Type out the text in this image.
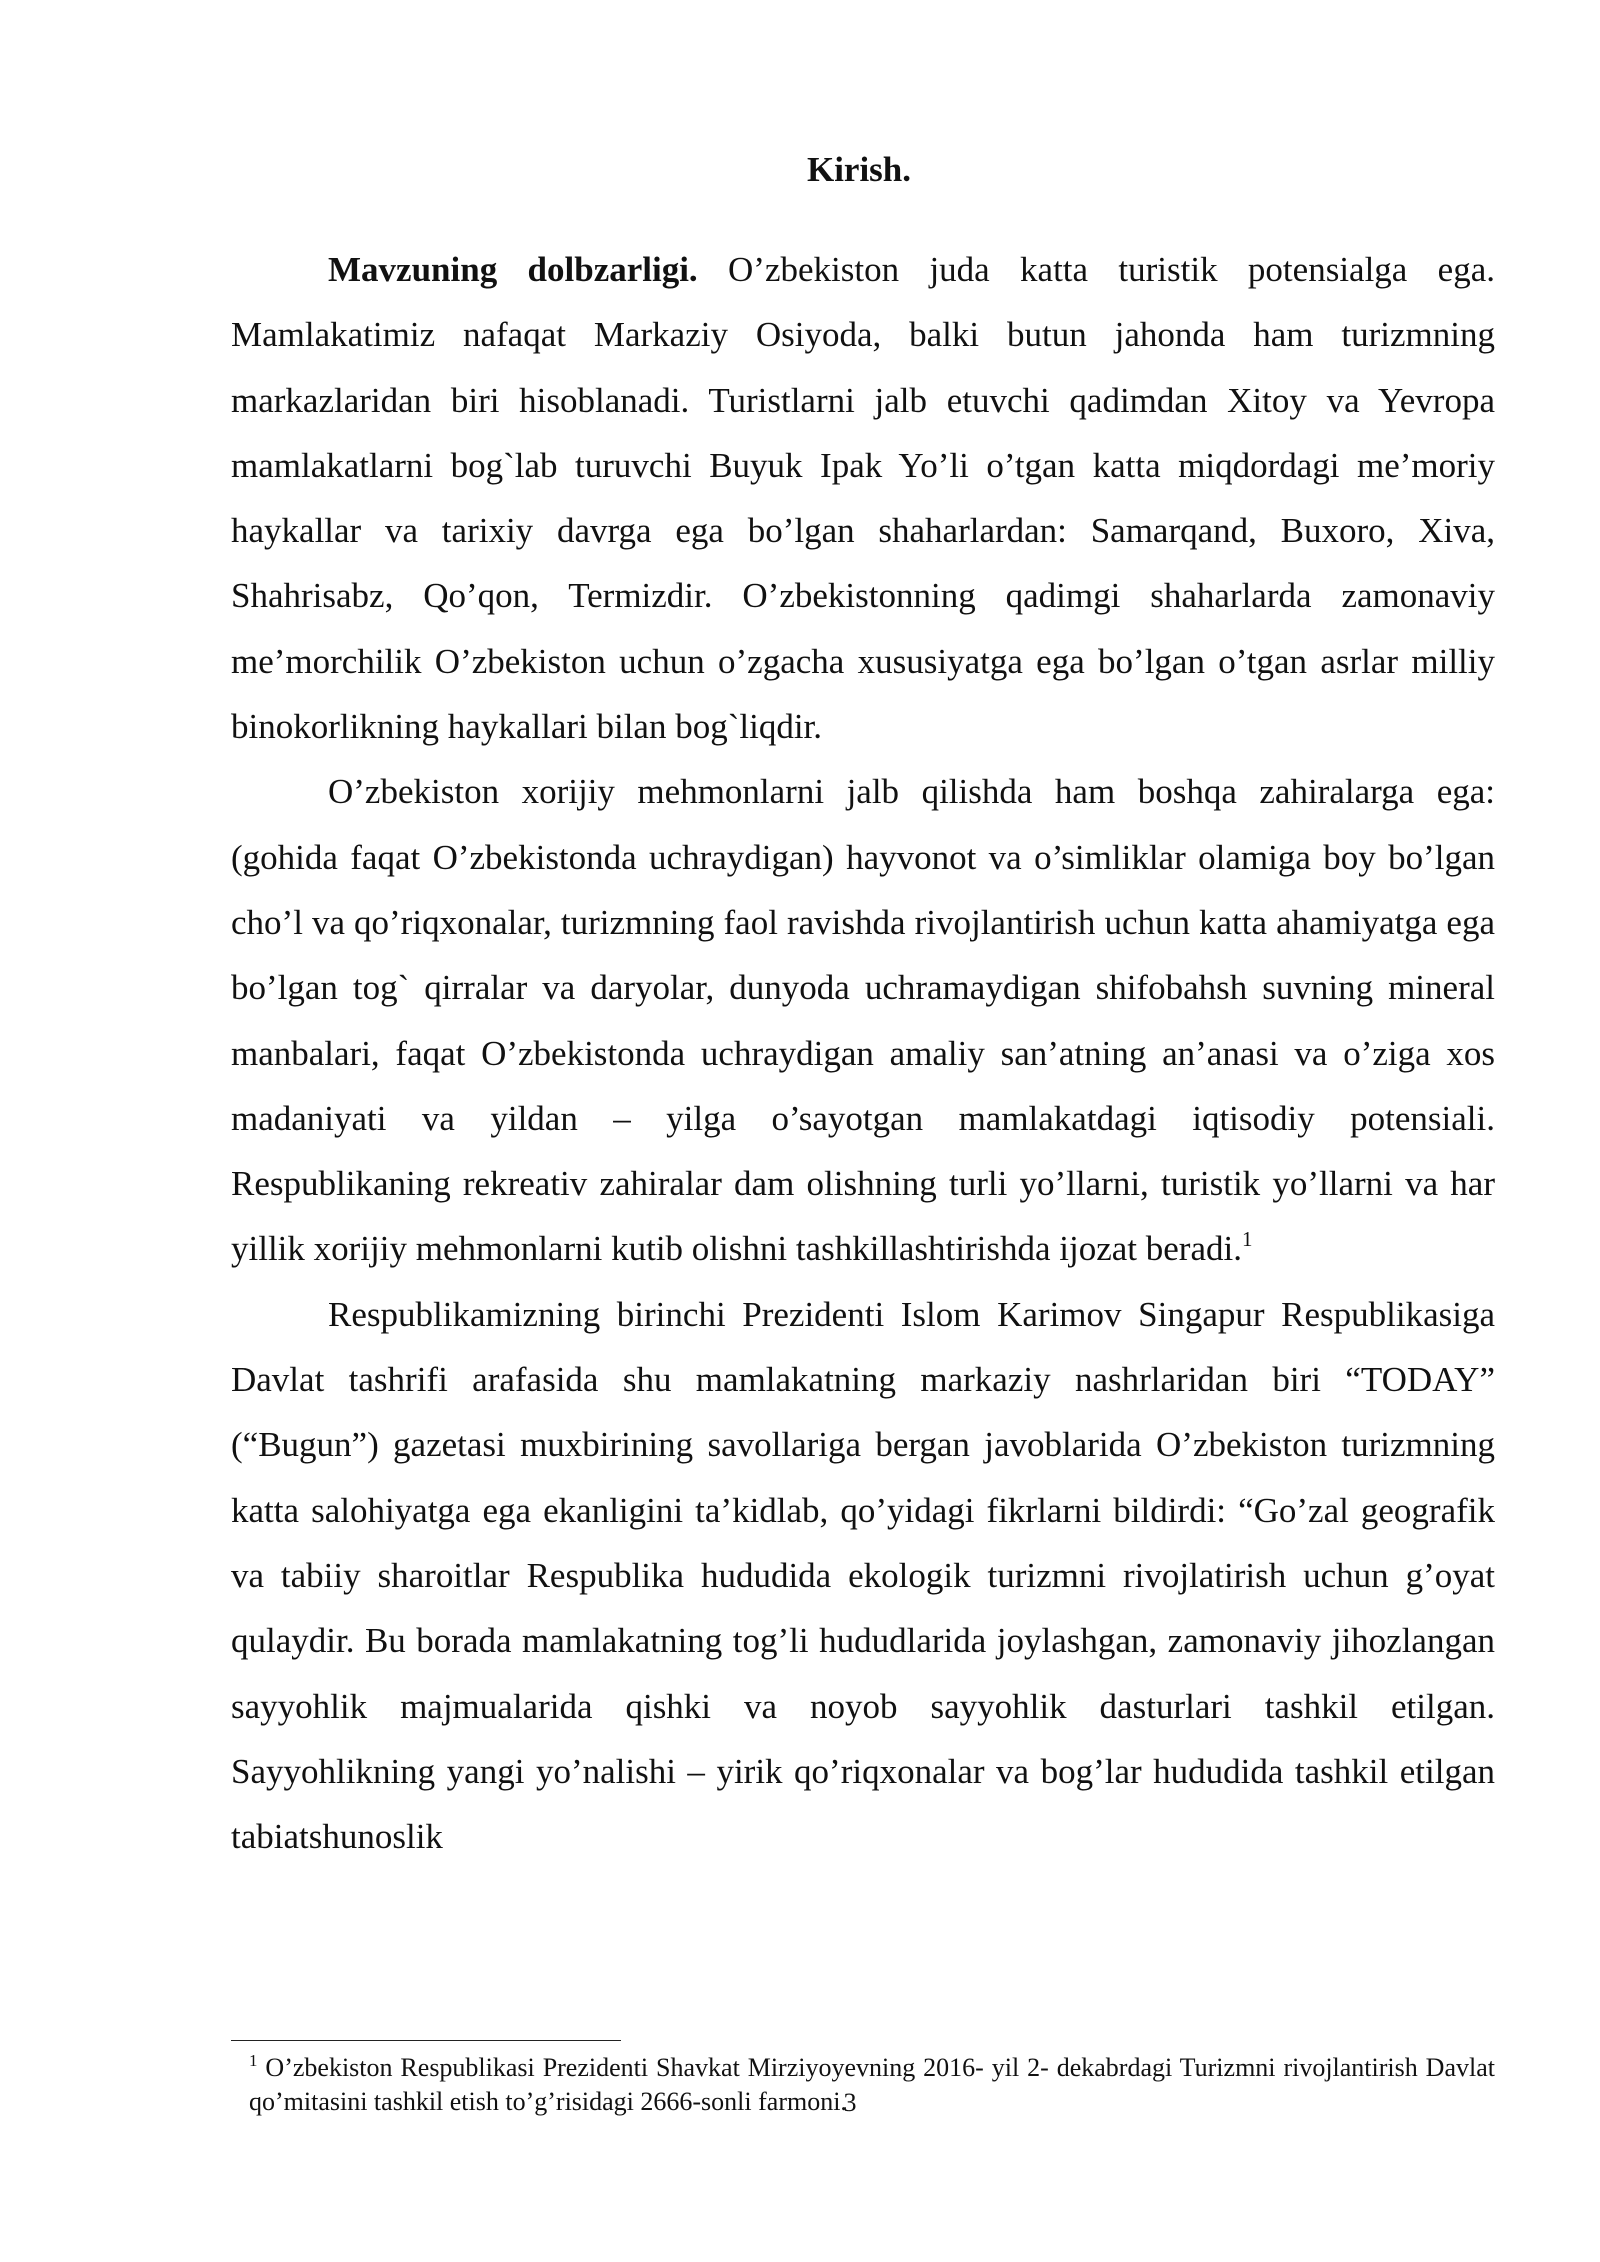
Kirish.

Mavzuning dolbzarligi. O’zbekiston juda katta turistik potensialga ega. Mamlakatimiz nafaqat Markaziy Osiyoda, balki butun jahonda ham turizmning markazlaridan biri hisoblanadi. Turistlarni jalb etuvchi qadimdan Xitoy va Yevropa mamlakatlarni bog`lab turuvchi Buyuk Ipak Yo’li o’tgan katta miqdordagi me’moriy haykallar va tarixiy davrga ega bo’lgan shaharlardan: Samarqand, Buxoro, Xiva, Shahrisabz, Qo’qon, Termizdir. O’zbekistonning qadimgi shaharlarda zamonaviy me’morchilik O’zbekiston uchun o’zgacha xususiyatga ega bo’lgan o’tgan asrlar milliy binokorlikning haykallari bilan bog`liqdir.

O’zbekiston xorijiy mehmonlarni jalb qilishda ham boshqa zahiralarga ega: (gohida faqat O’zbekistonda uchraydigan) hayvonot va o’simliklar olamiga boy bo’lgan cho’l va qo’riqxonalar, turizmning faol ravishda rivojlantirish uchun katta ahamiyatga ega bo’lgan tog` qirralar va daryolar, dunyoda uchramaydigan shifobahsh suvning mineral manbalari, faqat O’zbekistonda uchraydigan amaliy san’atning an’anasi va o’ziga xos madaniyati va yildan – yilga o’sayotgan mamlakatdagi iqtisodiy potensiali. Respublikaning rekreativ zahiralar dam olishning turli yo’llarni, turistik yo’llarni va har yillik xorijiy mehmonlarni kutib olishni tashkillashtirishda ijozat beradi.$^1$

Respublikamizning birinchi Prezidenti Islom Karimov Singapur Respublikasiga Davlat tashrifi arafasida shu mamlakatning markaziy nashrlaridan biri “TODAY” (“Bugun”) gazetasi muxbirining savollariga bergan javoblarida O’zbekiston turizmning katta salohiyatga ega ekanligini ta’kidlab, qo’yidagi fikrlarni bildirdi: “Go’zal geografik va tabiiy sharoitlar Respublika hududida ekologik turizmni rivojlatirish uchun g’oyat qulaydir. Bu borada mamlakatning tog’li hududlarida joylashgan, zamonaviy jihozlangan sayyohlik majmualarida qishki va noyob sayyohlik dasturlari tashkil etilgan. Sayyohlikning yangi yo’nalishi – yirik qo’riqxonalar va bog’lar hududida tashkil etilgan tabiatshunoslik

$^1$ O’zbekiston Respublikasi Prezidenti Shavkat Mirziyoyevning 2016- yil 2- dekabrdagi Turizmni rivojlantirish Davlat qo’mitasini tashkil etish to’g’risidagi 2666-sonli farmoni.

3
